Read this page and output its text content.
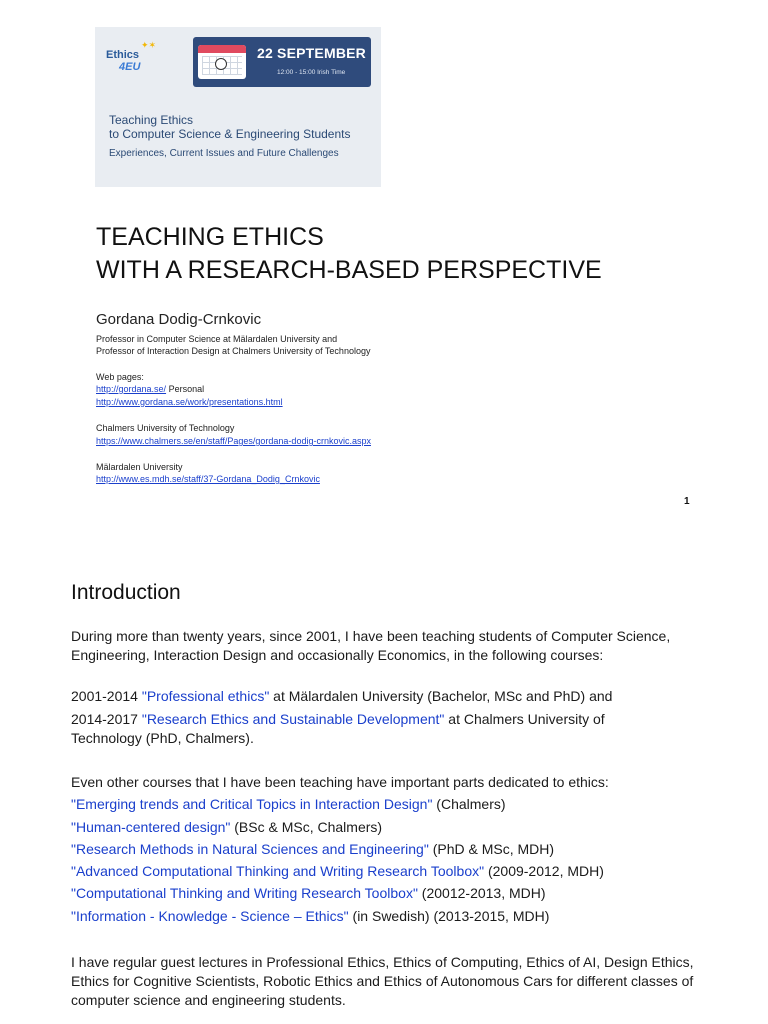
✦✶
Ethics
4EU
22 SEPTEMBER
12:00 - 15:00 Irish Time
Teaching Ethics
to Computer Science & Engineering Students
Experiences, Current Issues and Future Challenges
TEACHING ETHICS
WITH A RESEARCH-BASED PERSPECTIVE
Gordana Dodig-Crnkovic
Professor in Computer Science at Mälardalen University and
Professor of Interaction Design at Chalmers University of Technology
Web pages:
http://gordana.se/ Personal
http://www.gordana.se/work/presentations.html
Chalmers University of Technology
https://www.chalmers.se/en/staff/Pages/gordana-dodig-crnkovic.aspx
Mälardalen University
http://www.es.mdh.se/staff/37-Gordana_Dodig_Crnkovic
1
Introduction

During more than twenty years, since 2001, I have been teaching students of Computer Science, Engineering, Interaction Design and occasionally Economics, in the following courses:

2001-2014 "Professional ethics" at Mälardalen University (Bachelor, MSc and PhD) and
2014-2017 "Research Ethics and Sustainable Development" at Chalmers University of
Technology (PhD, Chalmers).
Even other courses that I have been teaching have important parts dedicated to ethics:
"Emerging trends and Critical Topics in Interaction Design" (Chalmers)
"Human-centered design" (BSc & MSc, Chalmers)
"Research Methods in Natural Sciences and Engineering" (PhD & MSc, MDH)
"Advanced Computational Thinking and Writing Research Toolbox" (2009-2012, MDH)
"Computational Thinking and Writing Research Toolbox" (20012-2013, MDH)
"Information - Knowledge - Science – Ethics" (in Swedish) (2013-2015, MDH)

I have regular guest lectures in Professional Ethics, Ethics of Computing, Ethics of AI, Design Ethics, Ethics for Cognitive Scientists, Robotic Ethics and Ethics of Autonomous Cars for different classes of computer science and engineering students.
